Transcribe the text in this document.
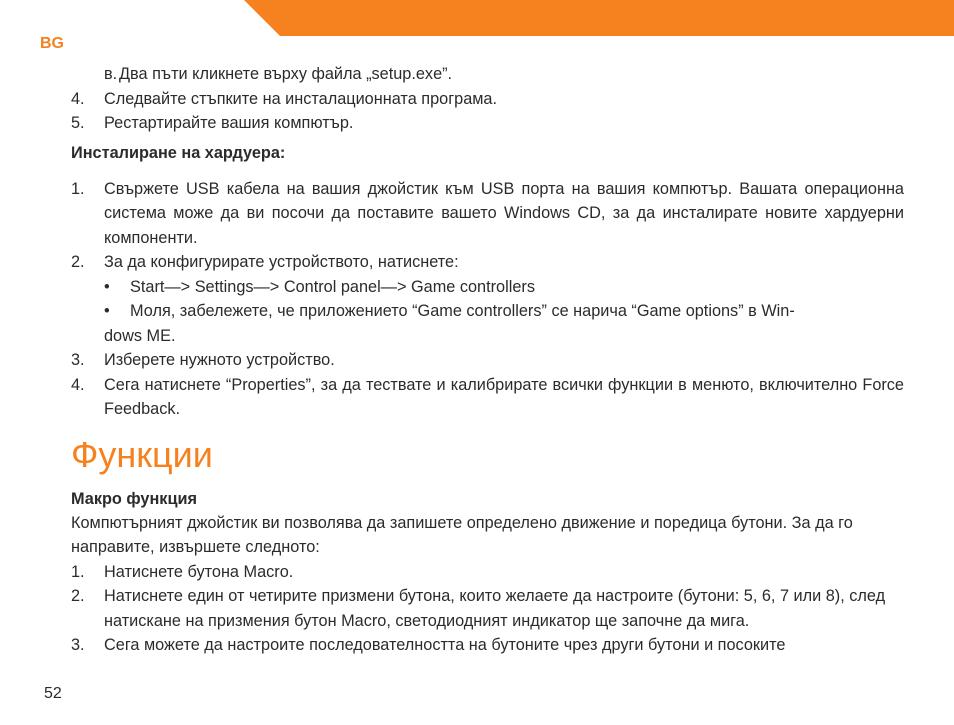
BG
в. Два пъти кликнете върху файла „setup.exe”.
4. Следвайте стъпките на инсталационната програма.
5. Рестартирайте вашия компютър.
Инсталиране на хардуера:
1. Свържете USB кабела на вашия джойстик към USB порта на вашия компютър. Вашата операционна система може да ви посочи да поставите вашето Windows CD, за да инсталирате новите хардуерни компоненти.
2. За да конфигурирате устройството, натиснете:
• Start—> Settings—> Control panel—> Game controllers
•	Моля, забележете, че приложението “Game controllers” се нарича “Game options” в Win-
dows ME.
3. Изберете нужното устройство.
4. Сега натиснете “Properties”, за да тествате и калибрирате всички функции в менюто, включително Force Feedback.
Функции
Макро функция
Компютърният джойстик ви позволява да запишете определено движение и поредица бутони. За да го направите, извършете следното:
1. Натиснете бутона Macro.
2. Натиснете един от четирите призмени бутона, които желаете да настроите (бутони: 5, 6, 7 или 8), след натискане на призмения бутон Macro, светодиодният индикатор ще започне да мига.
3. Сега можете да настроите последователността на бутоните чрез други бутони и посоките
52
